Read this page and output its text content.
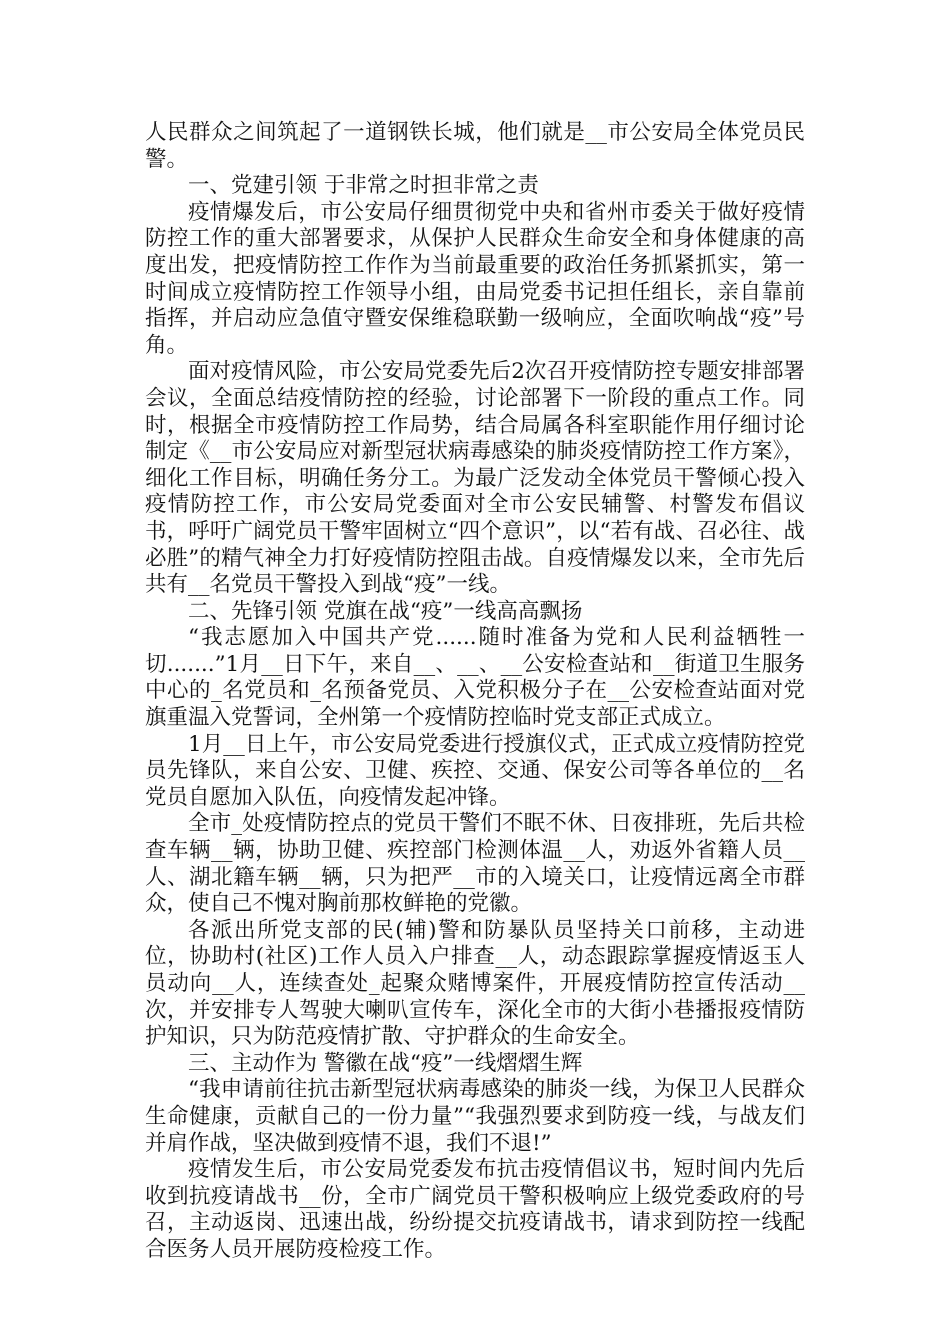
人民群众之间筑起了一道钢铁长城，他们就是__市公安局全体党员民警。

一、党建引领 于非常之时担非常之责

疫情爆发后，市公安局仔细贯彻党中央和省州市委关于做好疫情防控工作的重大部署要求，从保护人民群众生命安全和身体健康的高度出发，把疫情防控工作作为当前最重要的政治任务抓紧抓实，第一时间成立疫情防控工作领导小组，由局党委书记担任组长，亲自靠前指挥，并启动应急值守暨安保维稳联勤一级响应，全面吹响战“疫”号角。

面对疫情风险，市公安局党委先后2次召开疫情防控专题安排部署会议，全面总结疫情防控的经验，讨论部署下一阶段的重点工作。同时，根据全市疫情防控工作局势，结合局属各科室职能作用仔细讨论制定《__市公安局应对新型冠状病毒感染的肺炎疫情防控工作方案》，细化工作目标，明确任务分工。为最广泛发动全体党员干警倾心投入疫情防控工作，市公安局党委面对全市公安民辅警、村警发布倡议书，呼吁广阔党员干警牢固树立“四个意识”，以“若有战、召必往、战必胜”的精气神全力打好疫情防控阻击战。自疫情爆发以来，全市先后共有__名党员干警投入到战“疫”一线。

二、先锋引领 党旗在战“疫”一线高高飘扬

“我志愿加入中国共产党......随时准备为党和人民利益牺牲一切.......”1月__日下午，来自__、__、__公安检查站和__街道卫生服务中心的_名党员和_名预备党员、入党积极分子在__公安检查站面对党旗重温入党誓词，全州第一个疫情防控临时党支部正式成立。

1月__日上午，市公安局党委进行授旗仪式，正式成立疫情防控党员先锋队，来自公安、卫健、疾控、交通、保安公司等各单位的__名党员自愿加入队伍，向疫情发起冲锋。

全市_处疫情防控点的党员干警们不眠不休、日夜排班，先后共检查车辆__辆，协助卫健、疾控部门检测体温__人，劝返外省籍人员__人、湖北籍车辆__辆，只为把严__市的入境关口，让疫情远离全市群众，使自己不愧对胸前那枚鲜艳的党徽。

各派出所党支部的民(辅)警和防暴队员坚持关口前移，主动进位，协助村(社区)工作人员入户排查__人，动态跟踪掌握疫情返玉人员动向__人，连续查处_起聚众赌博案件，开展疫情防控宣传活动__次，并安排专人驾驶大喇叭宣传车，深化全市的大街小巷播报疫情防护知识，只为防范疫情扩散、守护群众的生命安全。

三、主动作为 警徽在战“疫”一线熠熠生辉

“我申请前往抗击新型冠状病毒感染的肺炎一线，为保卫人民群众生命健康，贡献自己的一份力量”“我强烈要求到防疫一线，与战友们并肩作战，坚决做到疫情不退，我们不退!”

疫情发生后，市公安局党委发布抗击疫情倡议书，短时间内先后收到抗疫请战书__份，全市广阔党员干警积极响应上级党委政府的号召，主动返岗、迅速出战，纷纷提交抗疫请战书，请求到防控一线配合医务人员开展防疫检疫工作。
